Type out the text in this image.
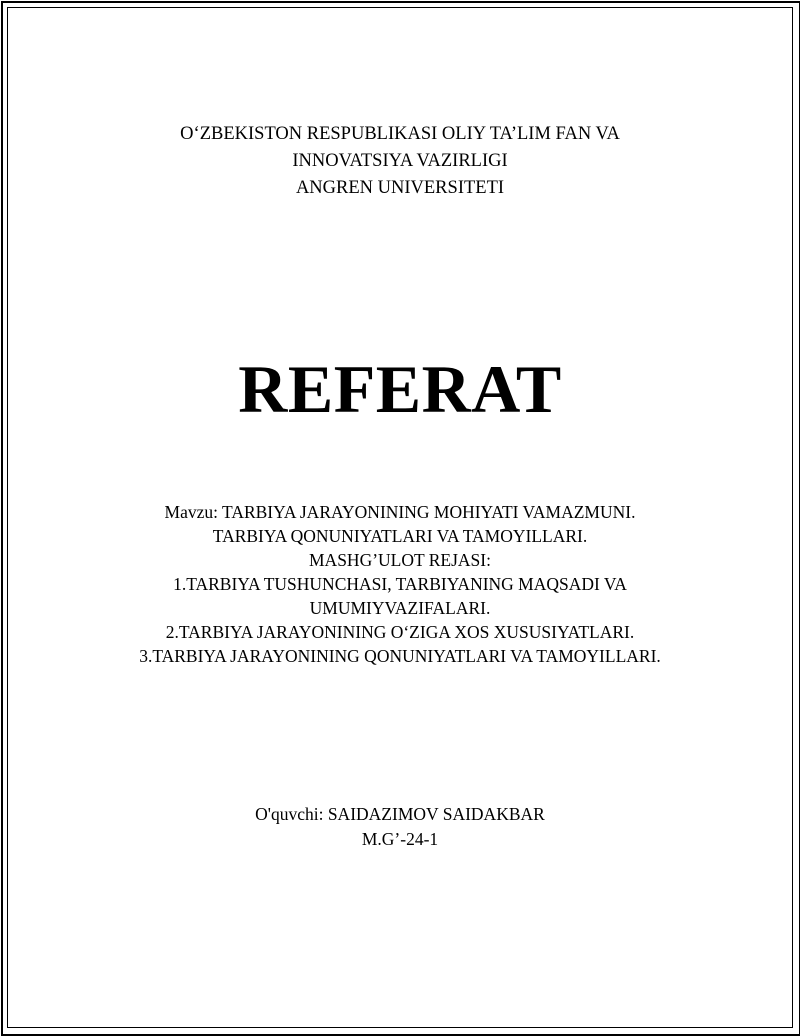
O‘ZBEKISTON RESPUBLIKASI OLIY TA’LIM FAN VA
INNOVATSIYA VAZIRLIGI
ANGREN UNIVERSITETI
REFERAT
Mavzu: TARBIYA JARAYONINING MOHIYATI VAMAZMUNI.
TARBIYA QONUNIYATLARI VA TAMOYILLARI.
MASHG’ULOT REJASI:
1.TARBIYA TUSHUNCHASI, TARBIYANING MAQSADI VA
UMUMIYVAZIFALARI.
2.TARBIYA JARAYONINING O‘ZIGA XOS XUSUSIYATLARI.
3.TARBIYA JARAYONINING QONUNIYATLARI VA TAMOYILLARI.
O'quvchi: SAIDAZIMOV SAIDAKBAR
M.G’-24-1
